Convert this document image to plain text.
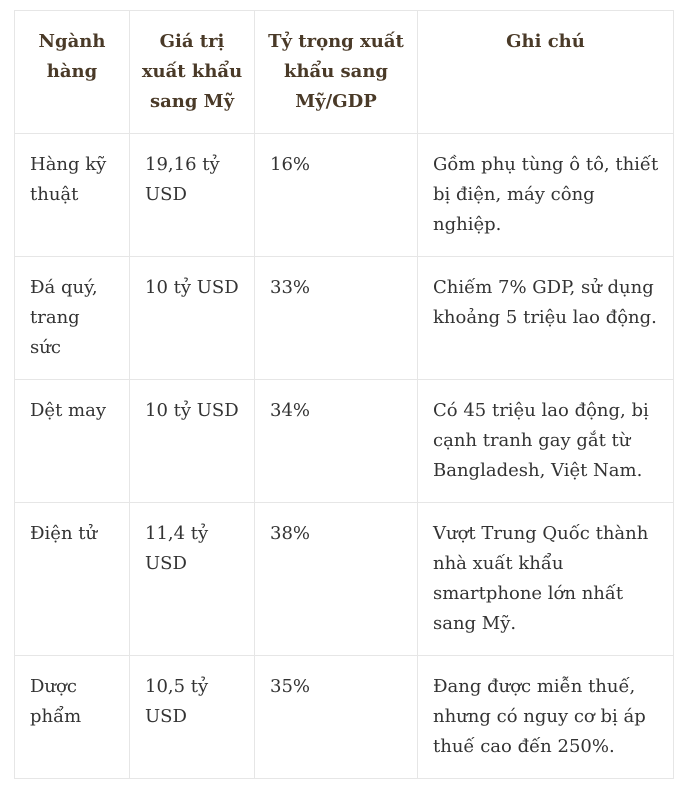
Ngành hàng	Giá trị xuất khẩu sang Mỹ	Tỷ trọng xuất khẩu sang Mỹ/GDP	Ghi chú
Hàng kỹ thuật	19,16 tỷ USD	16%	Gồm phụ tùng ô tô, thiết bị điện, máy công nghiệp.
Đá quý, trang sức	10 tỷ USD	33%	Chiếm 7% GDP, sử dụng khoảng 5 triệu lao động.
Dệt may	10 tỷ USD	34%	Có 45 triệu lao động, bị cạnh tranh gay gắt từ Bangladesh, Việt Nam.
Điện tử	11,4 tỷ USD	38%	Vượt Trung Quốc thành nhà xuất khẩu smartphone lớn nhất sang Mỹ.
Dược phẩm	10,5 tỷ USD	35%	Đang được miễn thuế, nhưng có nguy cơ bị áp thuế cao đến 250%.
